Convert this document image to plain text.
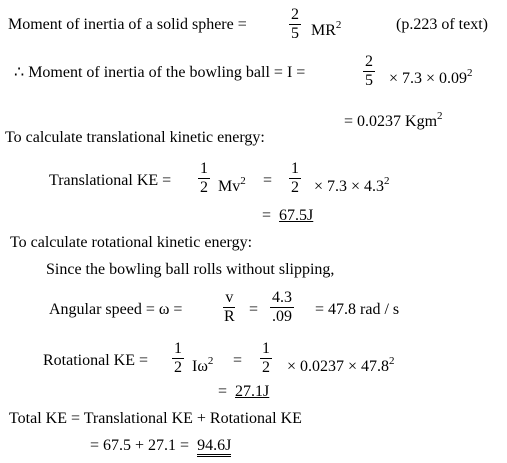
Moment of inertia of a solid sphere =	$\frac{2}{5} MR^2$	(p.223 of text)
∴ Moment of inertia of the bowling ball = I =	$\frac{2}{5} \times 7.3 \times 0.09^2$
= 0.0237 Kgm$^2$
To calculate translational kinetic energy:
Translational KE = $\frac{1}{2} Mv^2 = \frac{1}{2} \times 7.3 \times 4.3^2$
= 67.5J
To calculate rotational kinetic energy:
Since the bowling ball rolls without slipping,
Angular speed = $\omega = \frac{v}{R} = \frac{4.3}{.09} = 47.8$ rad / s
Rotational KE = $\frac{1}{2} I\omega^2 = \frac{1}{2} \times 0.0237 \times 47.8^2$
= 27.1J
Total KE = Translational KE + Rotational KE
= 67.5 + 27.1 = 94.6J
